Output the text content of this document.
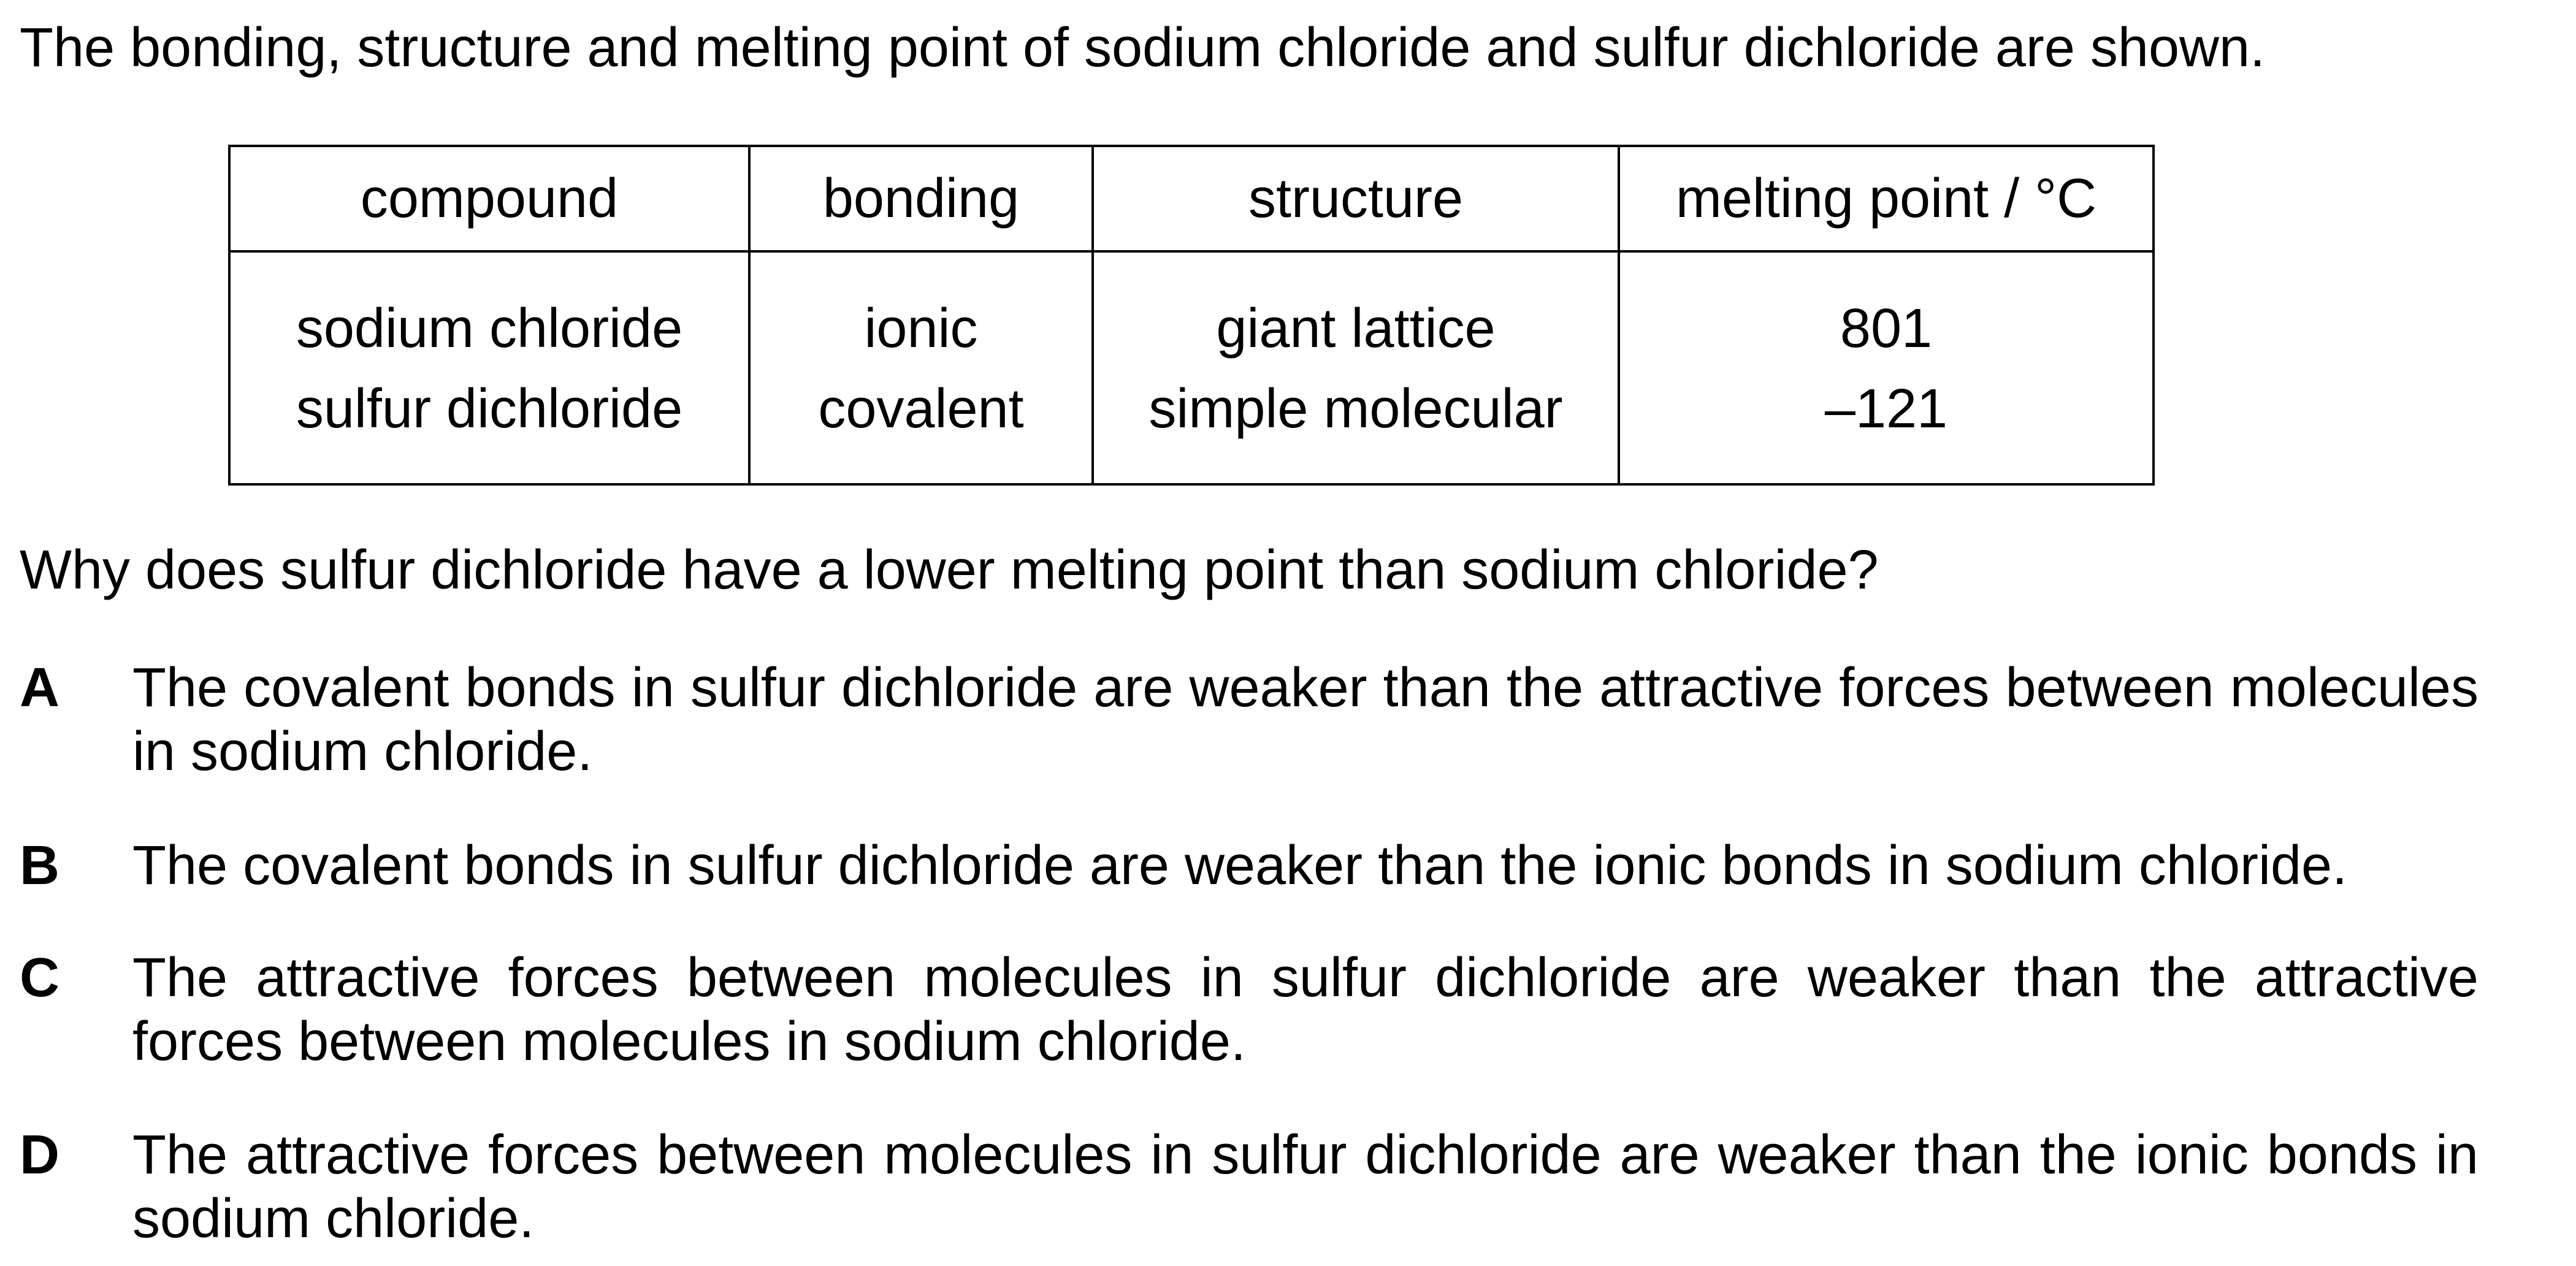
The bonding, structure and melting point of sodium chloride and sulfur dichloride are shown.
compound	bonding	structure	melting point / °C
sodium chloride	ionic	giant lattice	801
sulfur dichloride	covalent	simple molecular	–121
Why does sulfur dichloride have a lower melting point than sodium chloride?
A The covalent bonds in sulfur dichloride are weaker than the attractive forces between molecules in sodium chloride.
B The covalent bonds in sulfur dichloride are weaker than the ionic bonds in sodium chloride.
C The attractive forces between molecules in sulfur dichloride are weaker than the attractive forces between molecules in sodium chloride.
D The attractive forces between molecules in sulfur dichloride are weaker than the ionic bonds in sodium chloride.
